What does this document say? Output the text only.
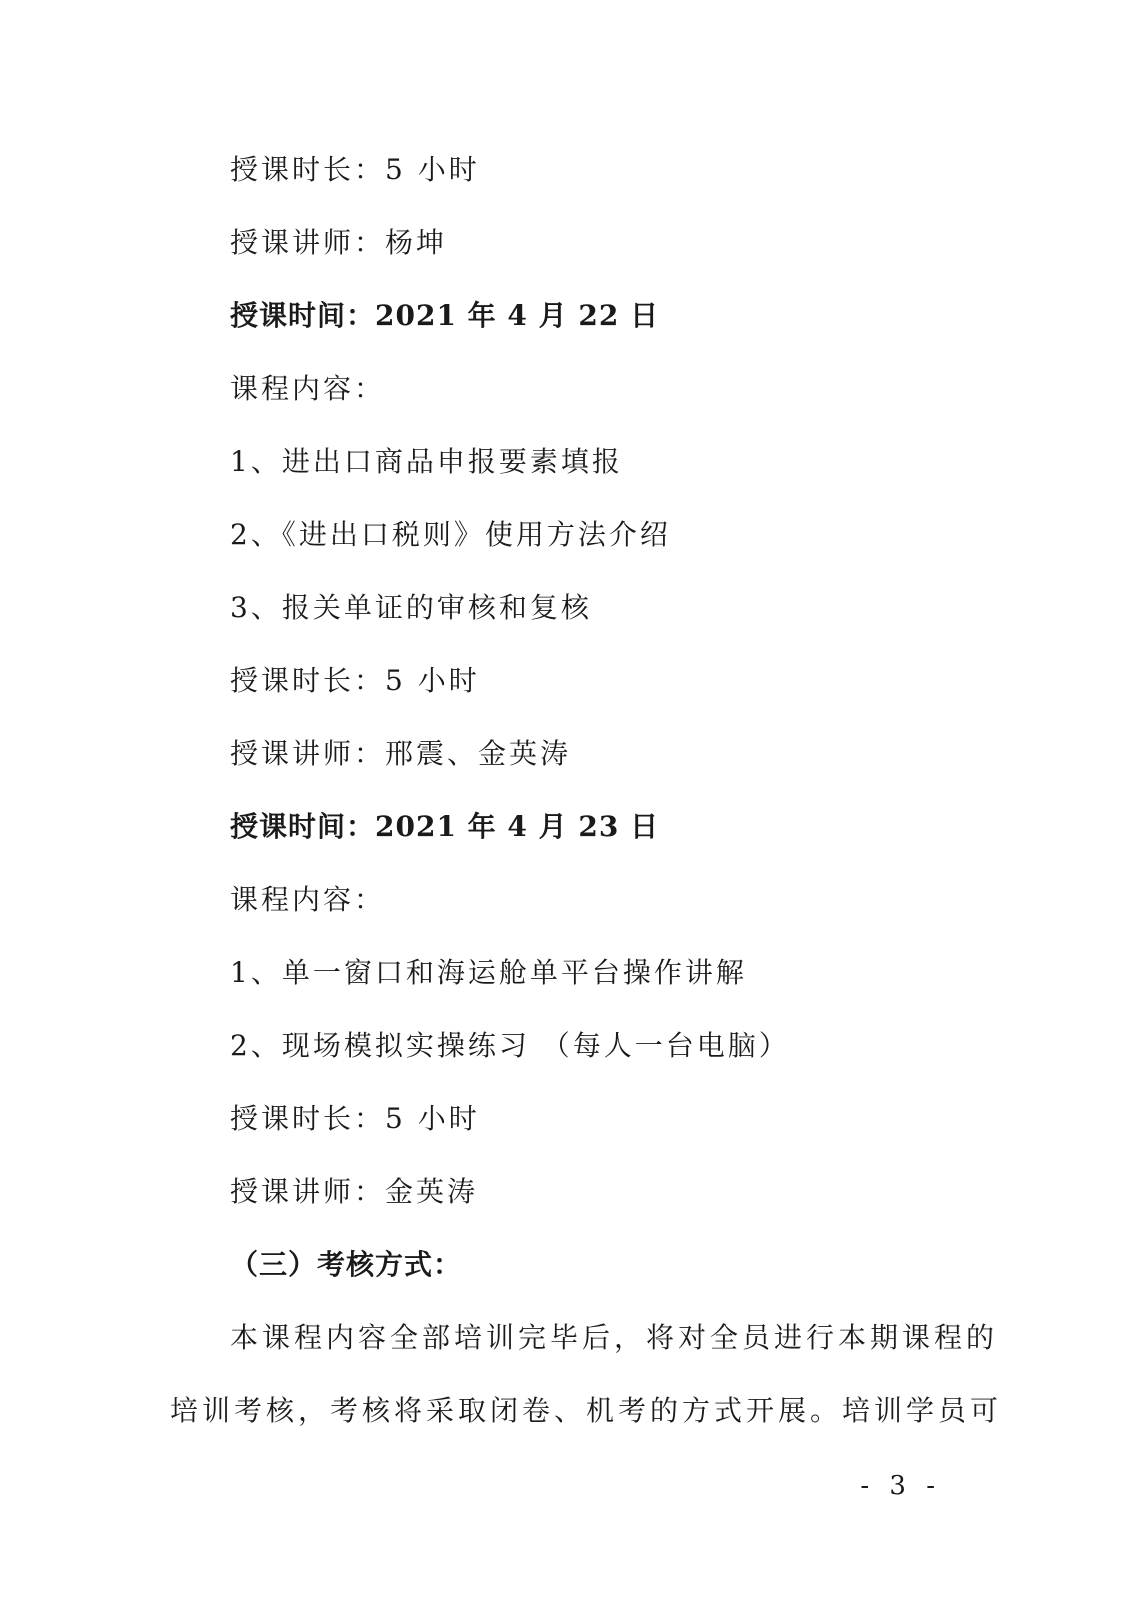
授课时长：5 小时
授课讲师：杨坤
授课时间：2021 年 4 月 22 日
课程内容：
1、进出口商品申报要素填报
2、《进出口税则》使用方法介绍
3、报关单证的审核和复核
授课时长：5 小时
授课讲师：邢震、金英涛
授课时间：2021 年 4 月 23 日
课程内容：
1、单一窗口和海运舱单平台操作讲解
2、现场模拟实操练习 （每人一台电脑）
授课时长：5 小时
授课讲师：金英涛
（三）考核方式：
本课程内容全部培训完毕后，将对全员进行本期课程的
培训考核，考核将采取闭卷、机考的方式开展。培训学员可
- 3 -
